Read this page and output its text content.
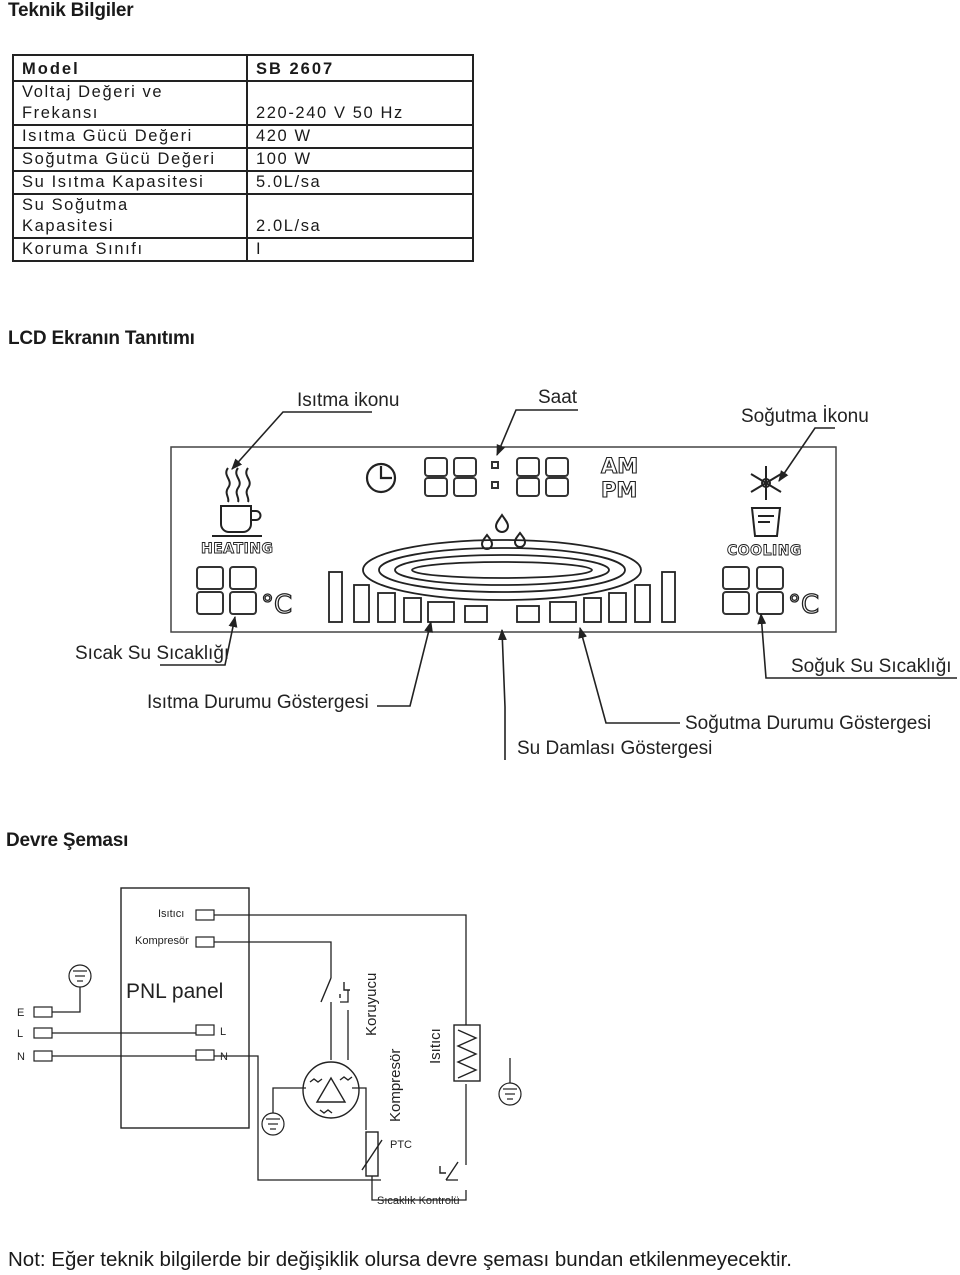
Teknik Bilgiler
LCD Ekranın Tanıtımı
Devre Şeması
Model	SB 2607

Voltaj Değeri ve
Frekansı	220-240 V 50 Hz
Isıtma Gücü Değeri	420 W
Soğutma Gücü Değeri	100 W
Su Isıtma Kapasitesi	5.0L/sa

Su Soğutma
Kapasitesi	2.0L/sa
Koruma Sınıfı	I
HEATING
AM
PM
COOLING
°C	°C
Isıtma ikonu	Saat
Soğutma İkonu
Sıcak Su Sıcaklığı
Isıtma Durumu Göstergesi
Soğuk Su Sıcaklığı
Soğutma Durumu Göstergesi
Su Damlası Göstergesi
Isıtıcı
Kompresör
PNL panel
L
N
E
L
N
Koruyucu
Kompresör
Isıtıcı
PTC
Sıcaklık Kontrolü
Not: Eğer teknik bilgilerde bir değişiklik olursa devre şeması bundan etkilenmeyecektir.
